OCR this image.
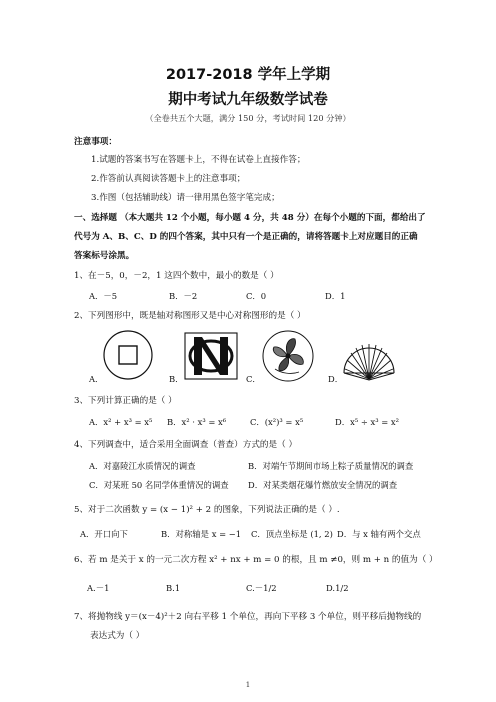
2017-2018 学年上学期
期中考试九年级数学试卷
（全卷共五个大题，满分 150 分，考试时间 120 分钟）
注意事项：
1.试题的答案书写在答题卡上，不得在试卷上直接作答；
2.作答前认真阅读答题卡上的注意事项；
3.作图（包括辅助线）请一律用黑色签字笔完成；
一、选择题 （本大题共 12 个小题，每小题 4 分，共 48 分）在每个小题的下面，都给出了
代号为 A、B、C、D 的四个答案，其中只有一个是正确的，请将答题卡上对应题目的正确
答案标号涂黑。
1、在－5，0，－2，1 这四个数中，最小的数是（ ）
A．－5	B．－2	C．0	D．1
2、下列图形中，既是轴对称图形又是中心对称图形的是（ ）
A．	B．	C．	D．
3、下列计算正确的是（ ）
A．x² + x³ = x⁵ B．x² · x³ = x⁶	C．(x²)³ = x⁵	D．x⁵ ÷ x³ = x²
4、下列调查中，适合采用全面调查（普查）方式的是（ ）
A．对嘉陵江水质情况的调查	B．对端午节期间市场上粽子质量情况的调查
C．对某班 50 名同学体重情况的调查 D．对某类烟花爆竹燃放安全情况的调查
5、对于二次函数 y = (x − 1)² + 2 的图象，下列说法正确的是（ ）.
A．开口向下	B．对称轴是 x = −1 C．顶点坐标是 (1, 2) D．与 x 轴有两个交点
6、若 m 是关于 x 的一元二次方程 x² + nx + m = 0 的根，且 m ≠0，则 m + n 的值为（ ）
A.－1	B.1	C.－1/2	D.1/2
7、将抛物线 y＝(x－4)²＋2 向右平移 1 个单位，再向下平移 3 个单位，则平移后抛物线的
表达式为（ ）
1
